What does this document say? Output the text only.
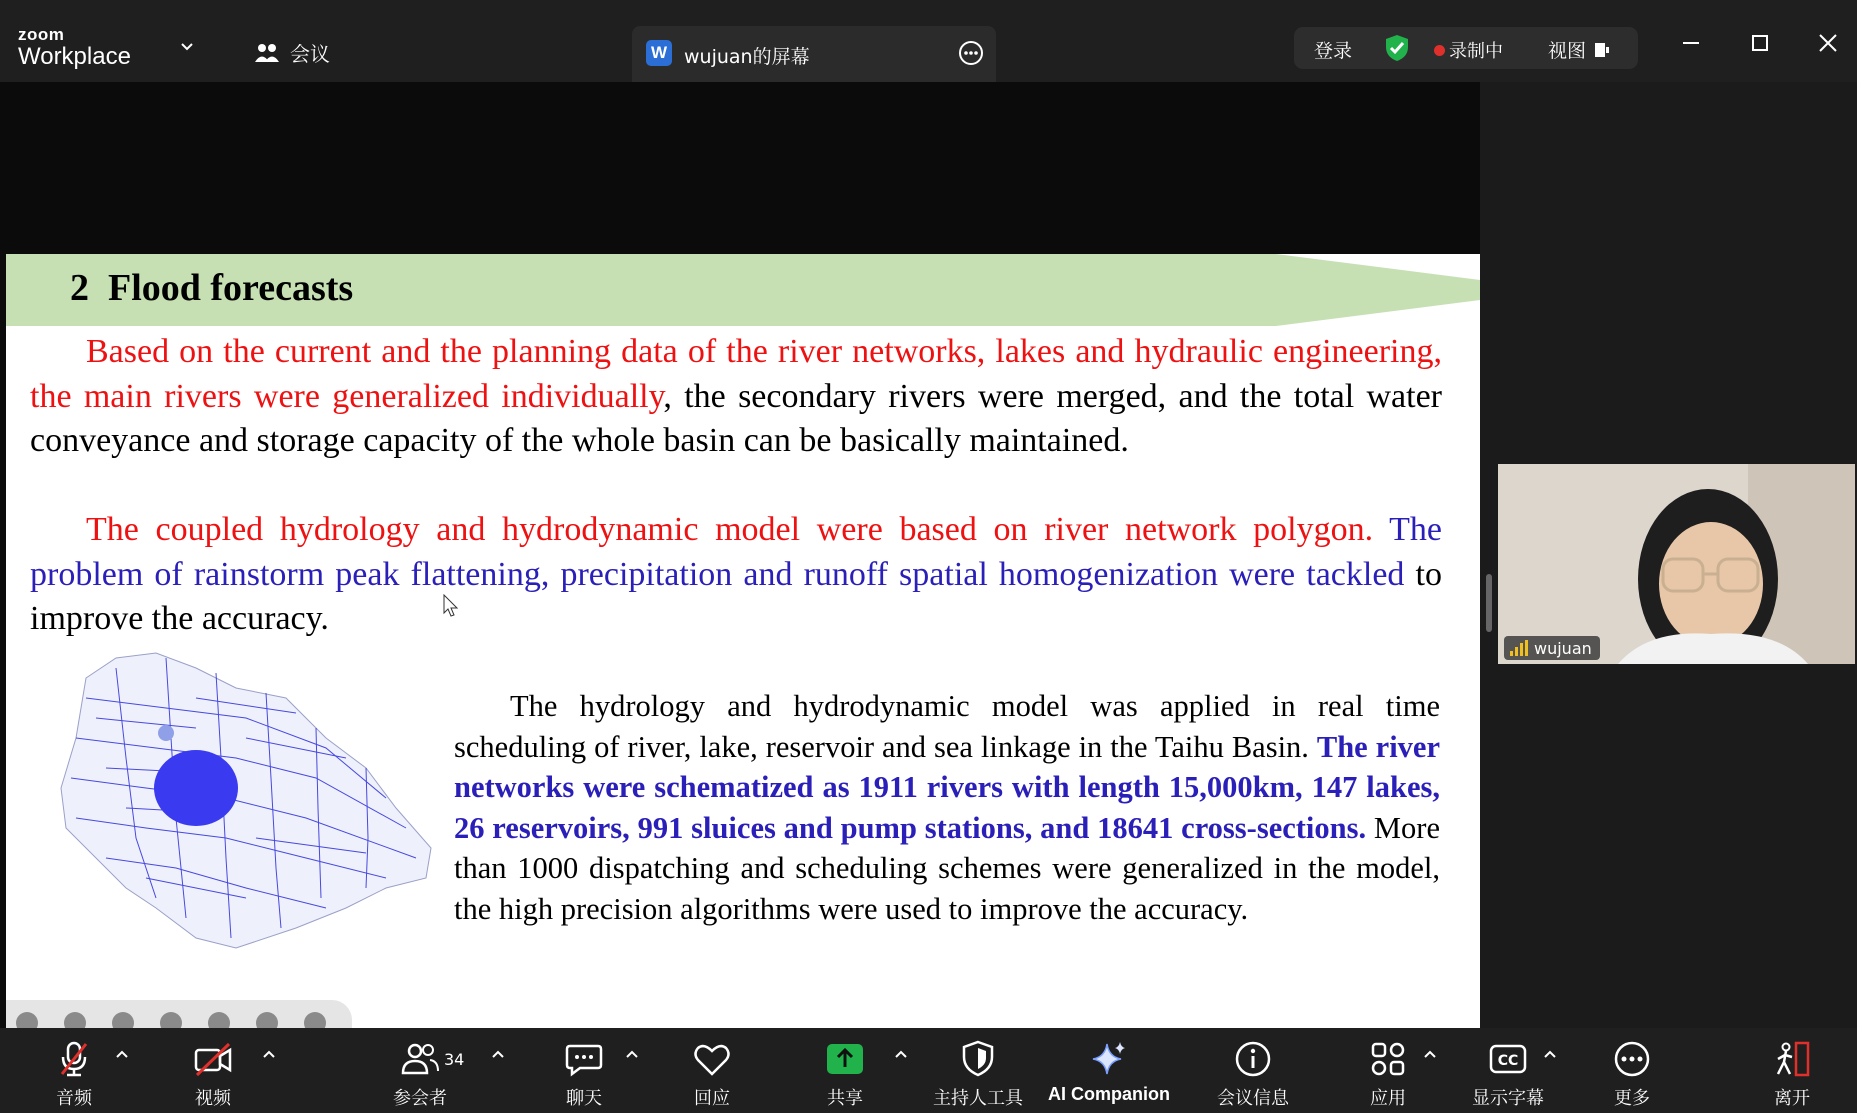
zoom
Workplace	会议	W wujuan的屏幕	登录	录制中 视图
2 Flood forecasts
Based on the current and the planning data of the river networks, lakes and hydraulic engineering, the main rivers were generalized individually, the secondary rivers were merged, and the total water conveyance and storage capacity of the whole basin can be basically maintained.
The coupled hydrology and hydrodynamic model were based on river network polygon. The problem of rainstorm peak flattening, precipitation and runoff spatial homogenization were tackled to improve the accuracy.
The hydrology and hydrodynamic model was applied in real time scheduling of river, lake, reservoir and sea linkage in the Taihu Basin. The river networks were schematized as 1911 rivers with length 15,000km, 147 lakes, 26 reservoirs, 991 sluices and pump stations, and 18641 cross-sections. More than 1000 dispatching and scheduling schemes were generalized in the model, the high precision algorithms were used to improve the accuracy.
wujuan
音频	视频	参会者
34
聊天	回应	共享	主持人工具 AI Companion	会议信息	应用
CC
显示字幕	更多	离开
